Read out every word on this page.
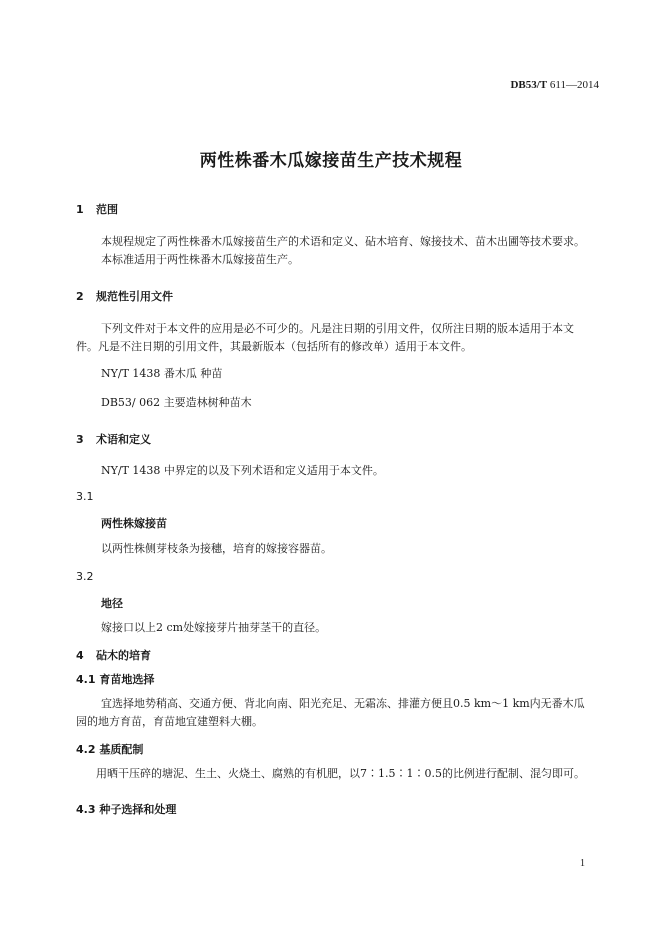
DB53/T 611—2014
两性株番木瓜嫁接苗生产技术规程
1 范围
本规程规定了两性株番木瓜嫁接苗生产的术语和定义、砧木培育、嫁接技术、苗木出圃等技术要求。
本标准适用于两性株番木瓜嫁接苗生产。
2 规范性引用文件
下列文件对于本文件的应用是必不可少的。凡是注日期的引用文件，仅所注日期的版本适用于本文
件。凡是不注日期的引用文件，其最新版本（包括所有的修改单）适用于本文件。
NY/T 1438 番木瓜 种苗
DB53/ 062 主要造林树种苗木
3 术语和定义
NY/T 1438 中界定的以及下列术语和定义适用于本文件。
3.1
两性株嫁接苗
以两性株侧芽枝条为接穗，培育的嫁接容器苗。
3.2
地径
嫁接口以上2 cm处嫁接芽片抽芽茎干的直径。
4 砧木的培育
4.1 育苗地选择
宜选择地势稍高、交通方便、背北向南、阳光充足、无霜冻、排灌方便且0.5 km～1 km内无番木瓜
园的地方育苗，育苗地宜建塑料大棚。
4.2 基质配制
用晒干压碎的塘泥、生土、火烧土、腐熟的有机肥，以7∶1.5∶1∶0.5的比例进行配制、混匀即可。
4.3 种子选择和处理
1
